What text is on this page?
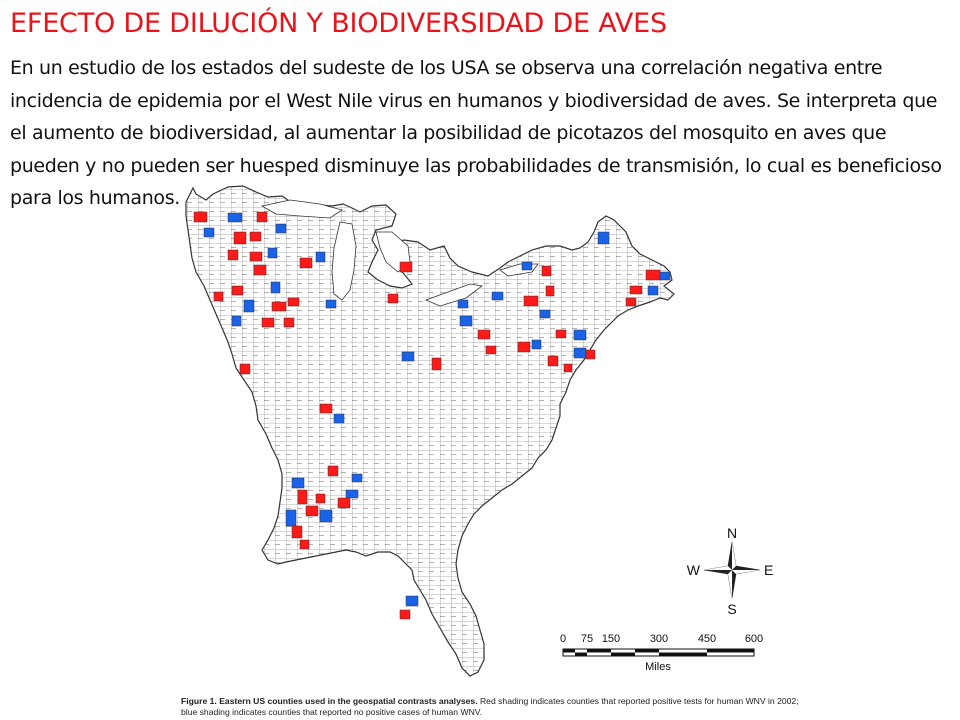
EFECTO DE DILUCIÓN Y BIODIVERSIDAD DE AVES

En un estudio de los estados del sudeste de los USA se observa una correlación negativa entre incidencia de epidemia por el West Nile virus en humanos y biodiversidad de aves. Se interpreta que el aumento de biodiversidad, al aumentar la posibilidad de picotazos del mosquito en aves que pueden y no pueden ser huesped disminuye las probabilidades de transmisión, lo cual es beneficioso para los humanos.

N
S
E
W
0 75 150	300	450	600
Miles
Figure 1. Eastern US counties used in the geospatial contrasts analyses. Red shading indicates counties that reported positive tests for human WNV in 2002; blue shading indicates counties that reported no positive cases of human WNV.
